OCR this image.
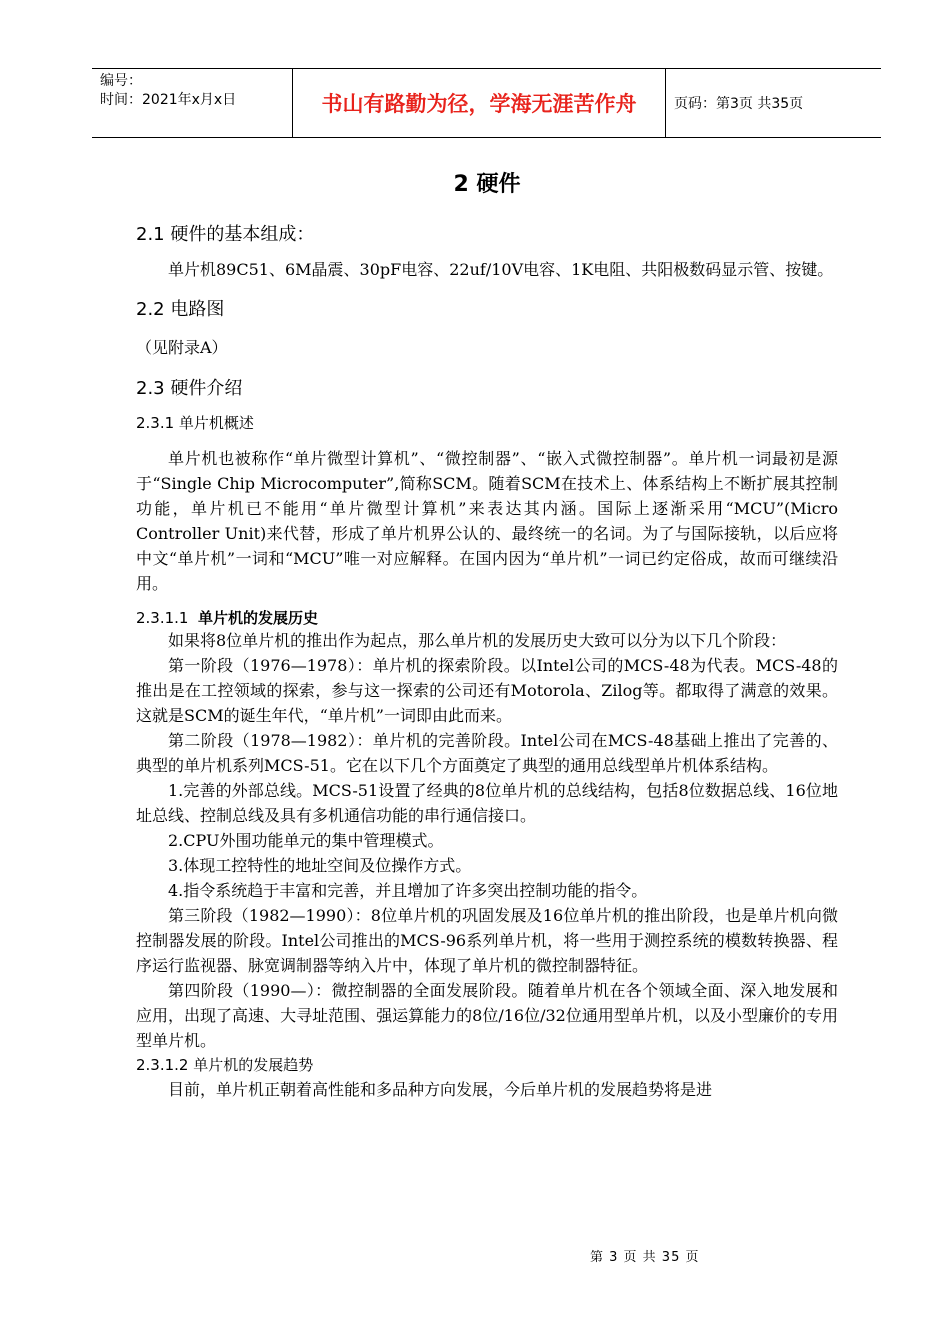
编号：
时间：2021年x月x日	书山有路勤为径，学海无涯苦作舟	页码：第3页 共35页
2 硬件
2.1 硬件的基本组成：

单片机89C51、6M晶震、30pF电容、22uf/10V电容、1K电阻、共阳极数码显示管、按键。

2.2 电路图

（见附录A）

2.3 硬件介绍
2.3.1 单片机概述

单片机也被称作“单片微型计算机”、“微控制器”、“嵌入式微控制器”。单片机一词最初是源于“Single Chip Microcomputer”,简称SCM。随着SCM在技术上、体系结构上不断扩展其控制功能，单片机已不能用“单片微型计算机”来表达其内涵。国际上逐渐采用“MCU”(Micro Controller Unit)来代替，形成了单片机界公认的、最终统一的名词。为了与国际接轨，以后应将中文“单片机”一词和“MCU”唯一对应解释。在国内因为“单片机”一词已约定俗成，故而可继续沿用。

2.3.1.1 单片机的发展历史

如果将8位单片机的推出作为起点，那么单片机的发展历史大致可以分为以下几个阶段：

第一阶段（1976—1978）：单片机的探索阶段。以Intel公司的MCS-48为代表。MCS-48的推出是在工控领域的探索，参与这一探索的公司还有Motorola、Zilog等。都取得了满意的效果。这就是SCM的诞生年代，“单片机”一词即由此而来。

第二阶段（1978—1982）：单片机的完善阶段。Intel公司在MCS-48基础上推出了完善的、典型的单片机系列MCS-51。它在以下几个方面奠定了典型的通用总线型单片机体系结构。

1.完善的外部总线。MCS-51设置了经典的8位单片机的总线结构，包括8位数据总线、16位地址总线、控制总线及具有多机通信功能的串行通信接口。

2.CPU外围功能单元的集中管理模式。

3.体现工控特性的地址空间及位操作方式。

4.指令系统趋于丰富和完善，并且增加了许多突出控制功能的指令。

第三阶段（1982—1990）：8位单片机的巩固发展及16位单片机的推出阶段，也是单片机向微控制器发展的阶段。Intel公司推出的MCS-96系列单片机，将一些用于测控系统的模数转换器、程序运行监视器、脉宽调制器等纳入片中，体现了单片机的微控制器特征。

第四阶段（1990—）：微控制器的全面发展阶段。随着单片机在各个领域全面、深入地发展和应用，出现了高速、大寻址范围、强运算能力的8位/16位/32位通用型单片机，以及小型廉价的专用型单片机。

2.3.1.2 单片机的发展趋势

目前，单片机正朝着高性能和多品种方向发展，今后单片机的发展趋势将是进

第 3 页 共 35 页
